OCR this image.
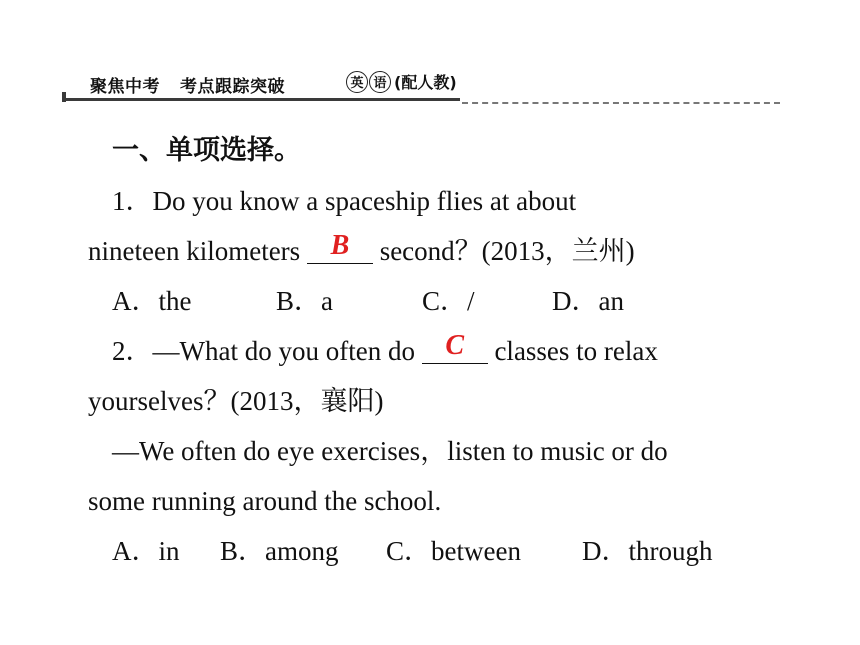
聚焦中考 考点跟踪突破	英 语 (配人教)
一、单项选择。
1．Do you know a spaceship flies at about
nineteen kilometers B second？(2013，兰州)
A．the	B．a	C．/	D．an
2．—What do you often do C classes to relax
yourselves？(2013，襄阳)
—We often do eye exercises，listen to music or do
some running around the school.
A．in B．among C．between D．through
